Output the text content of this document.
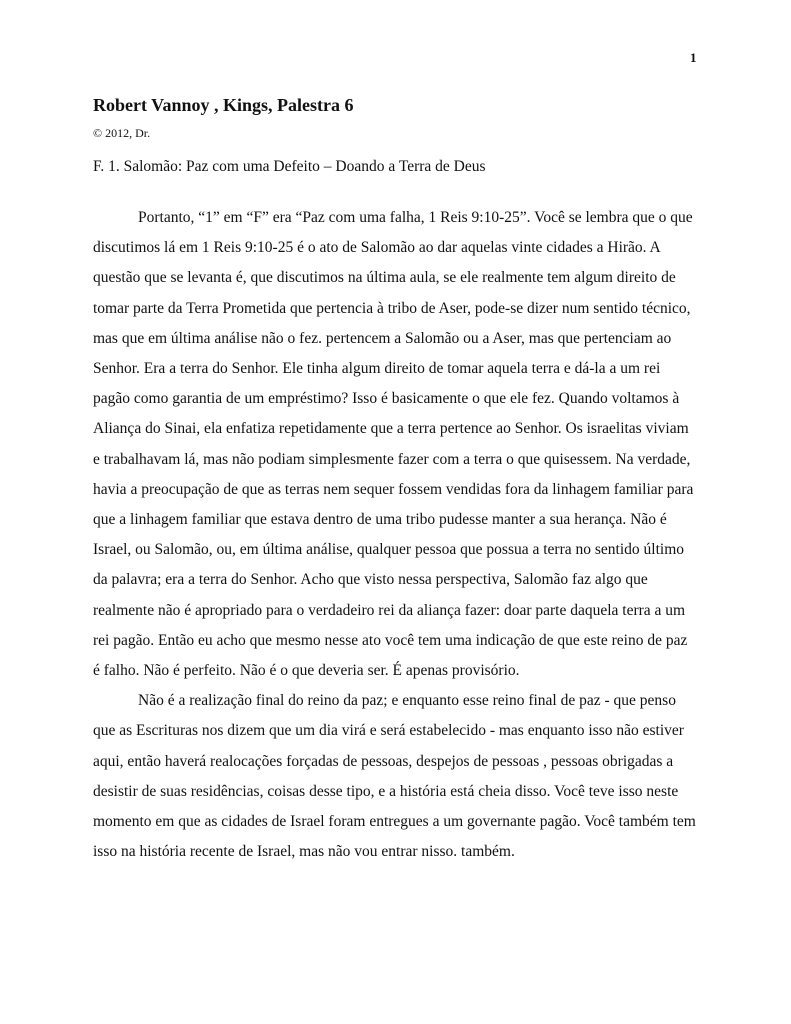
1
Robert Vannoy , Kings, Palestra 6
© 2012, Dr.
F. 1. Salomão: Paz com uma Defeito – Doando a Terra de Deus

Portanto, “1” em “F” era “Paz com uma falha, 1 Reis 9:10-25”. Você se lembra que o que discutimos lá em 1 Reis 9:10-25 é o ato de Salomão ao dar aquelas vinte cidades a Hirão. A questão que se levanta é, que discutimos na última aula, se ele realmente tem algum direito de tomar parte da Terra Prometida que pertencia à tribo de Aser, pode-se dizer num sentido técnico, mas que em última análise não o fez. pertencem a Salomão ou a Aser, mas que pertenciam ao Senhor. Era a terra do Senhor. Ele tinha algum direito de tomar aquela terra e dá-la a um rei pagão como garantia de um empréstimo? Isso é basicamente o que ele fez. Quando voltamos à Aliança do Sinai, ela enfatiza repetidamente que a terra pertence ao Senhor. Os israelitas viviam e trabalhavam lá, mas não podiam simplesmente fazer com a terra o que quisessem. Na verdade, havia a preocupação de que as terras nem sequer fossem vendidas fora da linhagem familiar para que a linhagem familiar que estava dentro de uma tribo pudesse manter a sua herança. Não é Israel, ou Salomão, ou, em última análise, qualquer pessoa que possua a terra no sentido último da palavra; era a terra do Senhor. Acho que visto nessa perspectiva, Salomão faz algo que realmente não é apropriado para o verdadeiro rei da aliança fazer: doar parte daquela terra a um rei pagão. Então eu acho que mesmo nesse ato você tem uma indicação de que este reino de paz é falho. Não é perfeito. Não é o que deveria ser. É apenas provisório.

Não é a realização final do reino da paz; e enquanto esse reino final de paz - que penso que as Escrituras nos dizem que um dia virá e será estabelecido - mas enquanto isso não estiver aqui, então haverá realocações forçadas de pessoas, despejos de pessoas , pessoas obrigadas a desistir de suas residências, coisas desse tipo, e a história está cheia disso. Você teve isso neste momento em que as cidades de Israel foram entregues a um governante pagão. Você também tem isso na história recente de Israel, mas não vou entrar nisso. também.
